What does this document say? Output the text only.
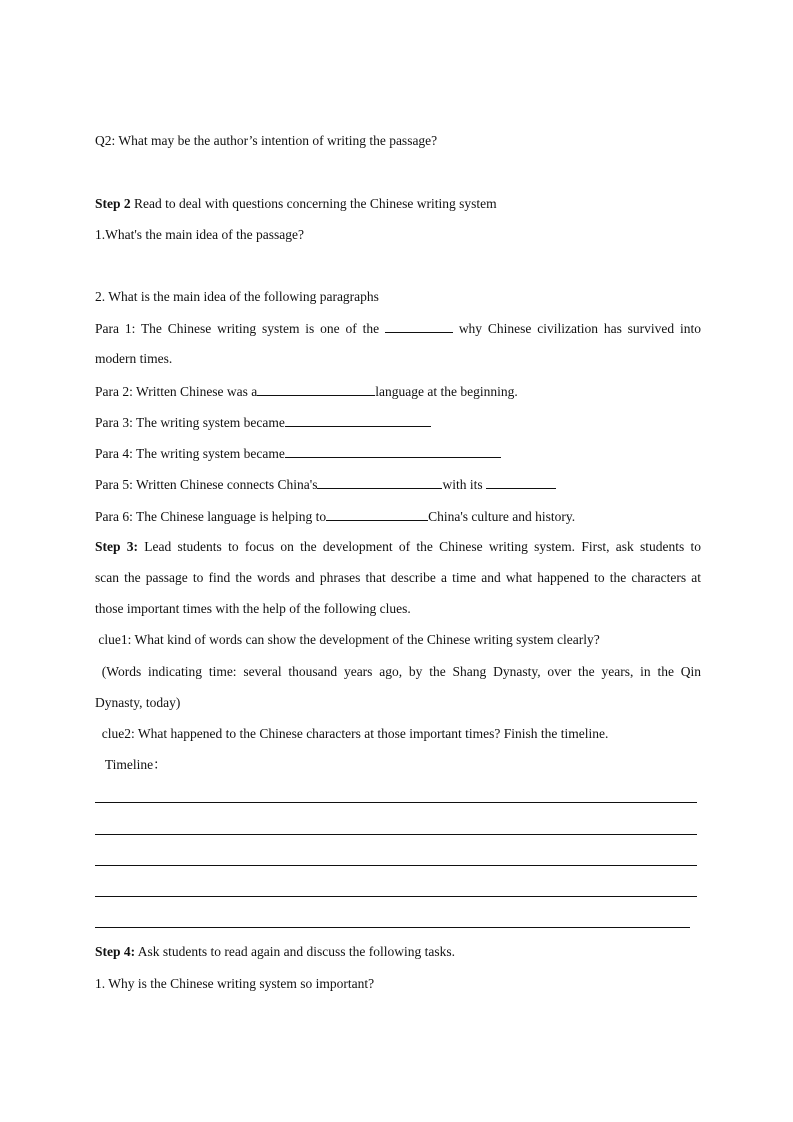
Q2: What may be the author’s intention of writing the passage?
Step 2 Read to deal with questions concerning the Chinese writing system
1.What's the main idea of the passage?
2. What is the main idea of the following paragraphs
Para 1: The Chinese writing system is one of the	why Chinese civilization has survived into
modern times.
Para 2: Written Chinese was a	language at the beginning.
Para 3: The writing system became
Para 4: The writing system became
Para 5: Written Chinese connects China's	with its
Para 6: The Chinese language is helping to	China's culture and history.
Step 3: Lead students to focus on the development of the Chinese writing system. First, ask students to
scan the passage to find the words and phrases that describe a time and what happened to the characters at
those important times with the help of the following clues.
clue1: What kind of words can show the development of the Chinese writing system clearly?
(Words indicating time: several thousand years ago, by the Shang Dynasty, over the years, in the Qin
Dynasty, today)
clue2: What happened to the Chinese characters at those important times? Finish the timeline.
Timeline：
Step 4: Ask students to read again and discuss the following tasks.
1. Why is the Chinese writing system so important?
